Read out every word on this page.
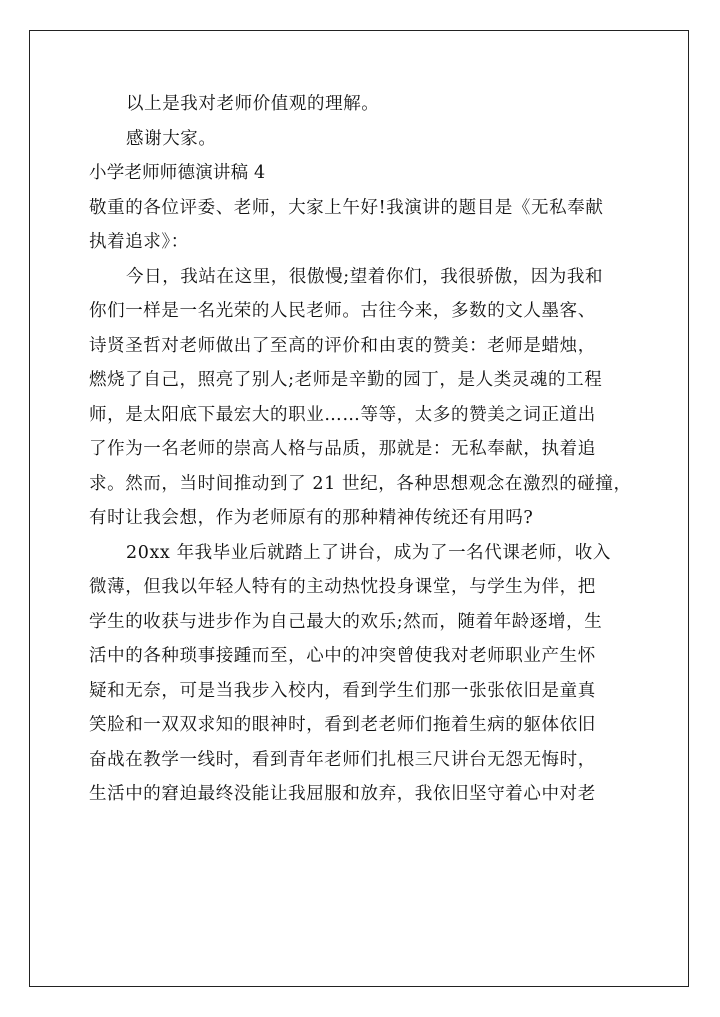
以上是我对老师价值观的理解。
感谢大家。
小学老师师德演讲稿 4
敬重的各位评委、老师，大家上午好!我演讲的题目是《无私奉献
执着追求》：
今日，我站在这里，很傲慢;望着你们，我很骄傲，因为我和
你们一样是一名光荣的人民老师。古往今来，多数的文人墨客、
诗贤圣哲对老师做出了至高的评价和由衷的赞美：老师是蜡烛，
燃烧了自己，照亮了别人;老师是辛勤的园丁，是人类灵魂的工程
师，是太阳底下最宏大的职业……等等，太多的赞美之词正道出
了作为一名老师的崇高人格与品质，那就是：无私奉献，执着追
求。然而，当时间推动到了 21 世纪，各种思想观念在激烈的碰撞，
有时让我会想，作为老师原有的那种精神传统还有用吗?
20xx 年我毕业后就踏上了讲台，成为了一名代课老师，收入
微薄，但我以年轻人特有的主动热忱投身课堂，与学生为伴，把
学生的收获与进步作为自己最大的欢乐;然而，随着年龄逐增，生
活中的各种琐事接踵而至，心中的冲突曾使我对老师职业产生怀
疑和无奈，可是当我步入校内，看到学生们那一张张依旧是童真
笑脸和一双双求知的眼神时，看到老老师们拖着生病的躯体依旧
奋战在教学一线时，看到青年老师们扎根三尺讲台无怨无悔时，
生活中的窘迫最终没能让我屈服和放弃，我依旧坚守着心中对老
